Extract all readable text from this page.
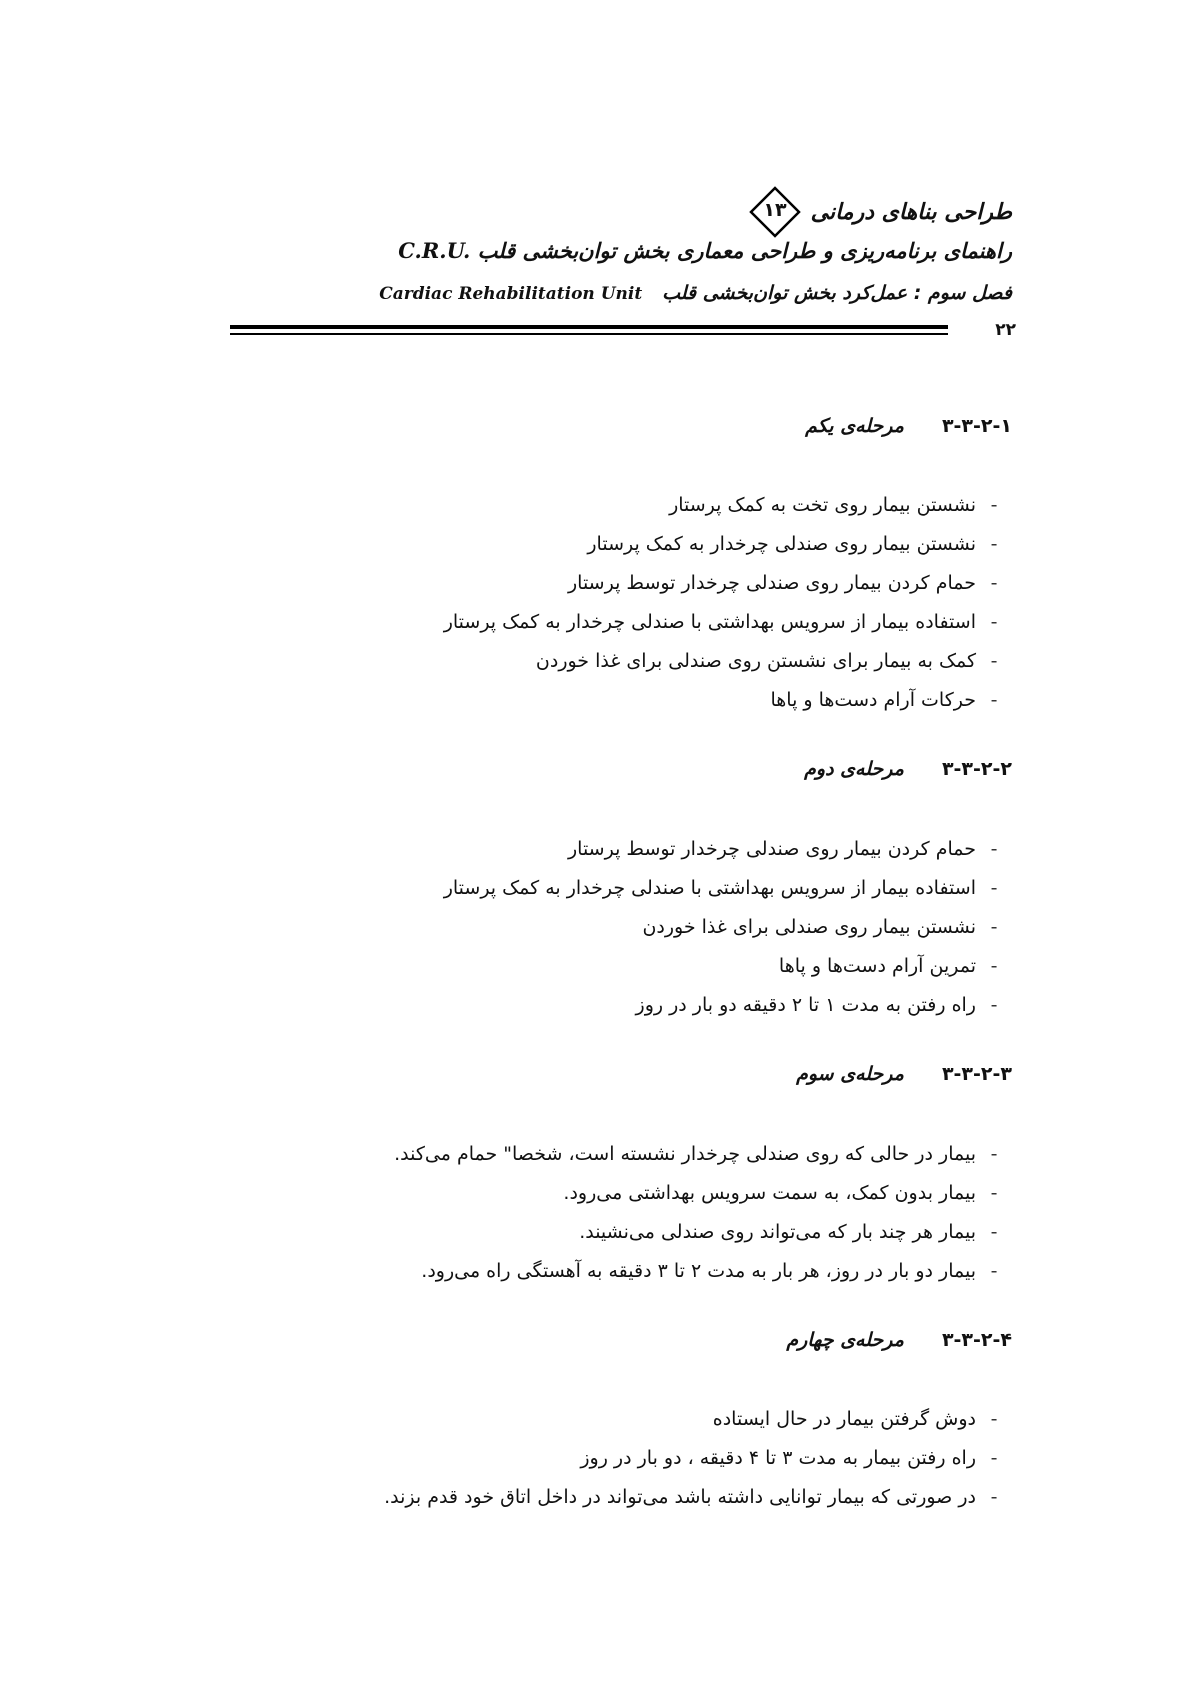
طراحی بناهای درمانی
۱۳
راهنمای برنامه‌ریزی و طراحی معماری بخش توان‌بخشی قلب C.R.U.
فصل سوم : عمل‌کرد بخش توان‌بخشی قلب   Cardiac Rehabilitation Unit
۲۲
۳-۳-۲-۱مرحله‌ی یکم
-نشستن بیمار روی تخت به کمک پرستار
-نشستن بیمار روی صندلی چرخدار به کمک پرستار
-حمام کردن بیمار روی صندلی چرخدار توسط پرستار
-استفاده بیمار از سرویس بهداشتی با صندلی چرخدار به کمک پرستار
-کمک به بیمار برای نشستن روی صندلی برای غذا خوردن
-حرکات آرام دست‌ها و پاها
۳-۳-۲-۲مرحله‌ی دوم
-حمام کردن بیمار روی صندلی چرخدار توسط پرستار
-استفاده بیمار از سرویس بهداشتی با صندلی چرخدار به کمک پرستار
-نشستن بیمار روی صندلی برای غذا خوردن
-تمرین آرام دست‌ها و پاها
-راه رفتن به مدت ۱ تا ۲ دقیقه دو بار در روز
۳-۳-۲-۳مرحله‌ی سوم
-بیمار در حالی که روی صندلی چرخدار نشسته است، شخصا" حمام می‌کند.
-بیمار بدون کمک، به سمت سرویس بهداشتی می‌رود.
-بیمار هر چند بار که می‌تواند روی صندلی می‌نشیند.
-بیمار دو بار در روز، هر بار به مدت ۲ تا ۳ دقیقه به آهستگی راه می‌رود.
۳-۳-۲-۴مرحله‌ی چهارم
-دوش گرفتن بیمار در حال ایستاده
-راه رفتن بیمار به مدت ۳ تا ۴ دقیقه ، دو بار در روز
-در صورتی که بیمار توانایی داشته باشد می‌تواند در داخل اتاق خود قدم بزند.
